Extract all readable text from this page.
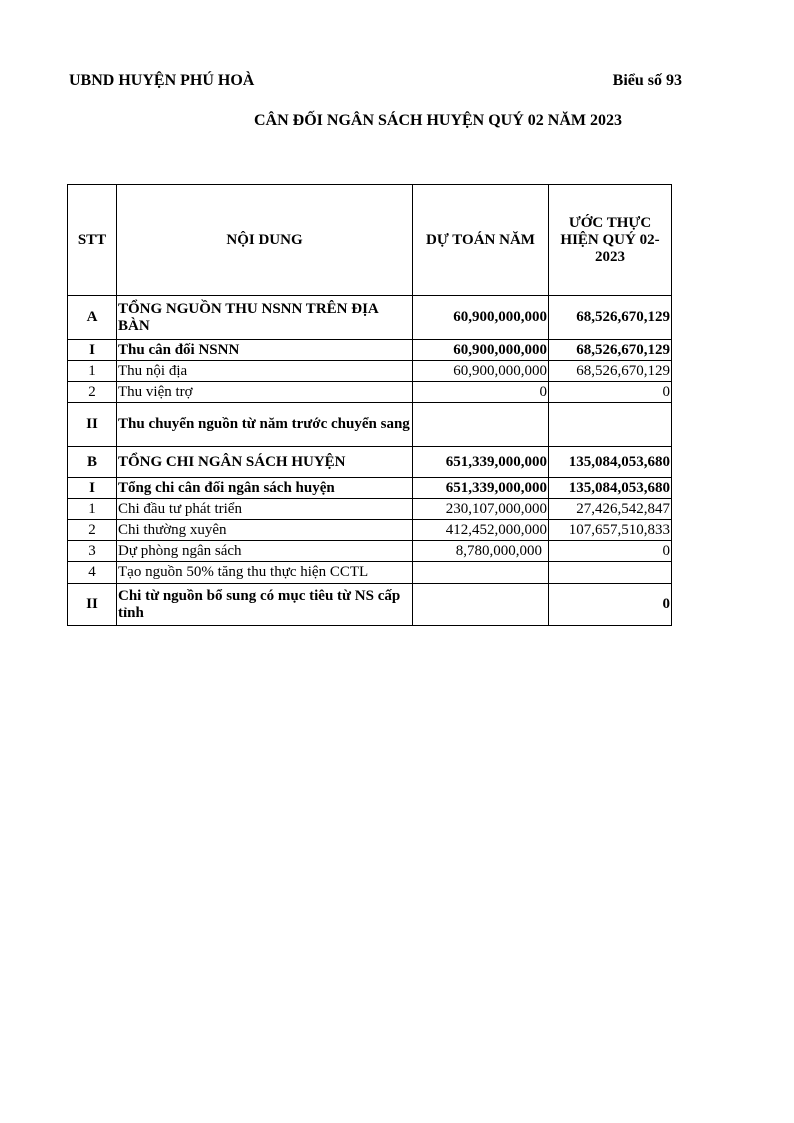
UBND HUYỆN PHÚ HOÀ	Biểu số 93
CÂN ĐỐI NGÂN SÁCH HUYỆN QUÝ 02 NĂM 2023
STT	NỘI DUNG	DỰ TOÁN NĂM	ƯỚC THỰC HIỆN QUÝ 02-2023
A	TỔNG NGUỒN THU NSNN TRÊN ĐỊA BÀN	60,900,000,000	68,526,670,129
I	Thu cân đối NSNN	60,900,000,000	68,526,670,129
1	Thu nội địa	60,900,000,000	68,526,670,129
2	Thu viện trợ	0	0
II	Thu chuyển nguồn từ năm trước chuyển sang		
B	TỔNG CHI NGÂN SÁCH HUYỆN	651,339,000,000	135,084,053,680
I	Tổng chi cân đối ngân sách huyện	651,339,000,000	135,084,053,680
1	Chi đầu tư phát triển	230,107,000,000	27,426,542,847
2	Chi thường xuyên	412,452,000,000	107,657,510,833
3	Dự phòng ngân sách	8,780,000,000	0
4	Tạo nguồn 50% tăng thu thực hiện CCTL		
II	Chi từ nguồn bổ sung có mục tiêu từ NS cấp tỉnh		0
